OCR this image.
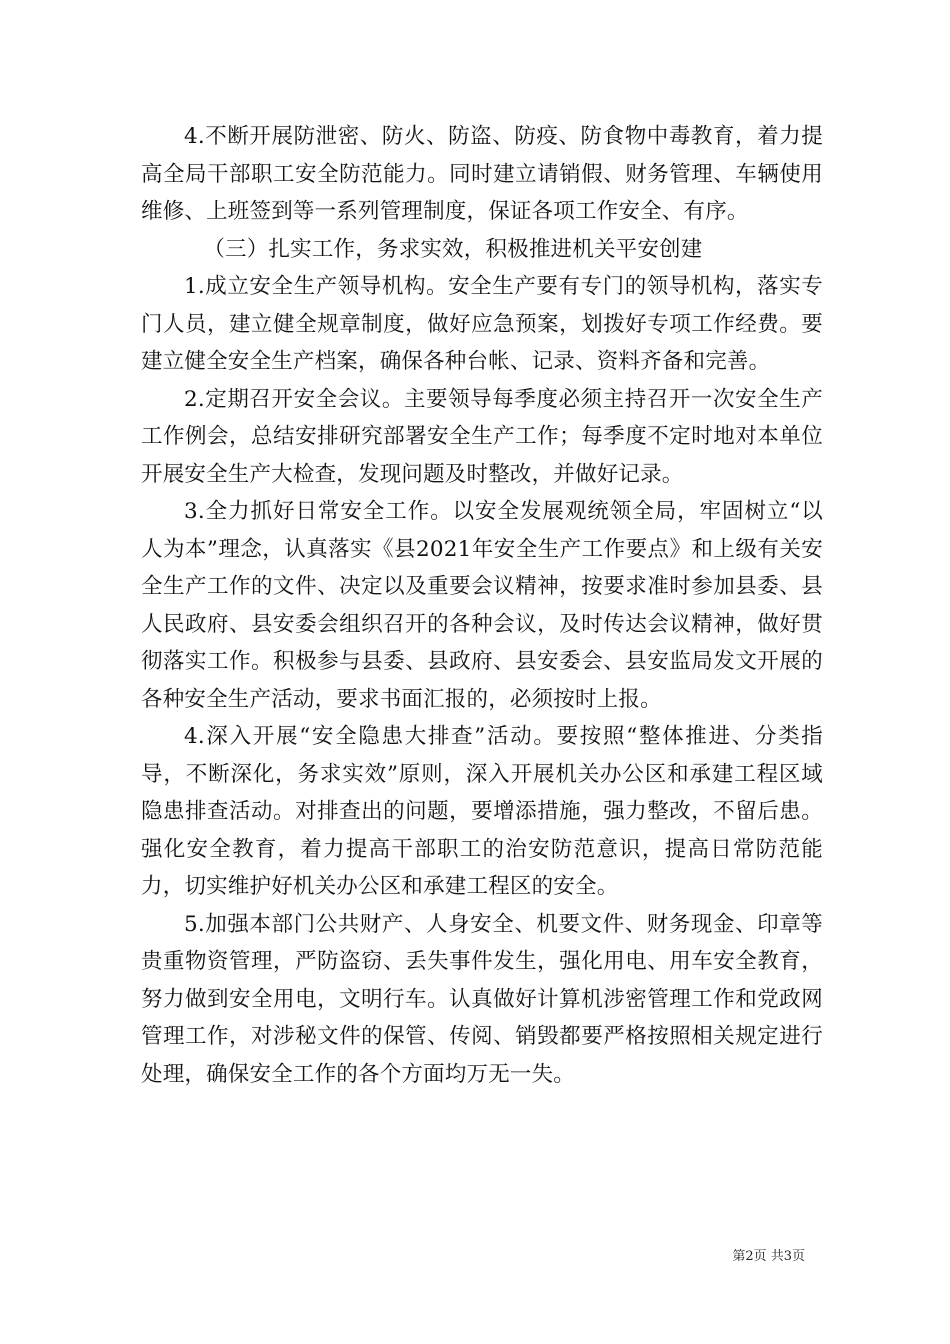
4.不断开展防泄密、防火、防盗、防疫、防食物中毒教育，着力提高全局干部职工安全防范能力。同时建立请销假、财务管理、车辆使用维修、上班签到等一系列管理制度，保证各项工作安全、有序。

（三）扎实工作，务求实效，积极推进机关平安创建

1.成立安全生产领导机构。安全生产要有专门的领导机构，落实专门人员，建立健全规章制度，做好应急预案，划拨好专项工作经费。要建立健全安全生产档案，确保各种台帐、记录、资料齐备和完善。

2.定期召开安全会议。主要领导每季度必须主持召开一次安全生产工作例会，总结安排研究部署安全生产工作；每季度不定时地对本单位开展安全生产大检查，发现问题及时整改，并做好记录。

3.全力抓好日常安全工作。以安全发展观统领全局，牢固树立“以人为本”理念，认真落实《县2021年安全生产工作要点》和上级有关安全生产工作的文件、决定以及重要会议精神，按要求准时参加县委、县人民政府、县安委会组织召开的各种会议，及时传达会议精神，做好贯彻落实工作。积极参与县委、县政府、县安委会、县安监局发文开展的各种安全生产活动，要求书面汇报的，必须按时上报。

4.深入开展“安全隐患大排查”活动。要按照“整体推进、分类指导，不断深化，务求实效”原则，深入开展机关办公区和承建工程区域隐患排查活动。对排查出的问题，要增添措施，强力整改，不留后患。强化安全教育，着力提高干部职工的治安防范意识，提高日常防范能力，切实维护好机关办公区和承建工程区的安全。

5.加强本部门公共财产、人身安全、机要文件、财务现金、印章等贵重物资管理，严防盗窃、丢失事件发生，强化用电、用车安全教育，努力做到安全用电，文明行车。认真做好计算机涉密管理工作和党政网管理工作，对涉秘文件的保管、传阅、销毁都要严格按照相关规定进行处理，确保安全工作的各个方面均万无一失。

第2页 共3页
